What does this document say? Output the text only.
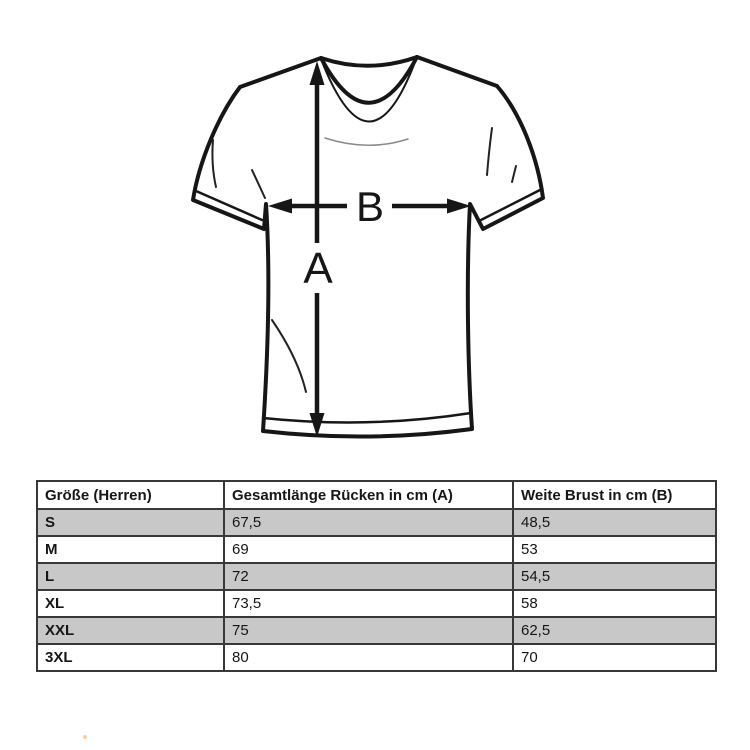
A
B
Größe (Herren)	Gesamtlänge Rücken in cm (A)	Weite Brust in cm (B)
S	67,5	48,5
M	69	53
L	72	54,5
XL	73,5	58
XXL	75	62,5
3XL	80	70
